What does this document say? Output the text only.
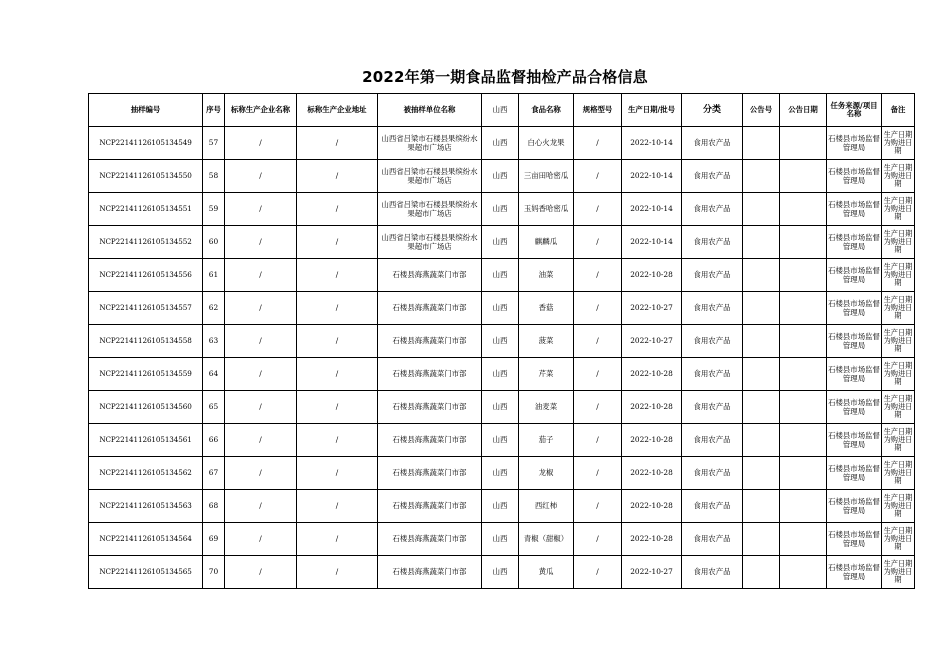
2022年第一期食品监督抽检产品合格信息
抽样编号	序号	标称生产企业名称	标称生产企业地址	被抽样单位名称	山西	食品名称	规格型号	生产日期/批号	分类	公告号	公告日期	任务来源/项目名称	备注
NCP22141126105134549	57	/	/	山西省吕梁市石楼县果缤纷水果超市广场店	山西	白心火龙果	/	2022-10-14	食用农产品			石楼县市场监督管理局	生产日期为购进日期
NCP22141126105134550	58	/	/	山西省吕梁市石楼县果缤纷水果超市广场店	山西	三亩田哈密瓜	/	2022-10-14	食用农产品			石楼县市场监督管理局	生产日期为购进日期
NCP22141126105134551	59	/	/	山西省吕梁市石楼县果缤纷水果超市广场店	山西	玉妈香哈密瓜	/	2022-10-14	食用农产品			石楼县市场监督管理局	生产日期为购进日期
NCP22141126105134552	60	/	/	山西省吕梁市石楼县果缤纷水果超市广场店	山西	麒麟瓜	/	2022-10-14	食用农产品			石楼县市场监督管理局	生产日期为购进日期
NCP22141126105134556	61	/	/	石楼县海燕蔬菜门市部	山西	油菜	/	2022-10-28	食用农产品			石楼县市场监督管理局	生产日期为购进日期
NCP22141126105134557	62	/	/	石楼县海燕蔬菜门市部	山西	香菇	/	2022-10-27	食用农产品			石楼县市场监督管理局	生产日期为购进日期
NCP22141126105134558	63	/	/	石楼县海燕蔬菜门市部	山西	菠菜	/	2022-10-27	食用农产品			石楼县市场监督管理局	生产日期为购进日期
NCP22141126105134559	64	/	/	石楼县海燕蔬菜门市部	山西	芹菜	/	2022-10-28	食用农产品			石楼县市场监督管理局	生产日期为购进日期
NCP22141126105134560	65	/	/	石楼县海燕蔬菜门市部	山西	油麦菜	/	2022-10-28	食用农产品			石楼县市场监督管理局	生产日期为购进日期
NCP22141126105134561	66	/	/	石楼县海燕蔬菜门市部	山西	茄子	/	2022-10-28	食用农产品			石楼县市场监督管理局	生产日期为购进日期
NCP22141126105134562	67	/	/	石楼县海燕蔬菜门市部	山西	龙椒	/	2022-10-28	食用农产品			石楼县市场监督管理局	生产日期为购进日期
NCP22141126105134563	68	/	/	石楼县海燕蔬菜门市部	山西	西红柿	/	2022-10-28	食用农产品			石楼县市场监督管理局	生产日期为购进日期
NCP22141126105134564	69	/	/	石楼县海燕蔬菜门市部	山西	青椒（甜椒）	/	2022-10-28	食用农产品			石楼县市场监督管理局	生产日期为购进日期
NCP22141126105134565	70	/	/	石楼县海燕蔬菜门市部	山西	黄瓜	/	2022-10-27	食用农产品			石楼县市场监督管理局	生产日期为购进日期
